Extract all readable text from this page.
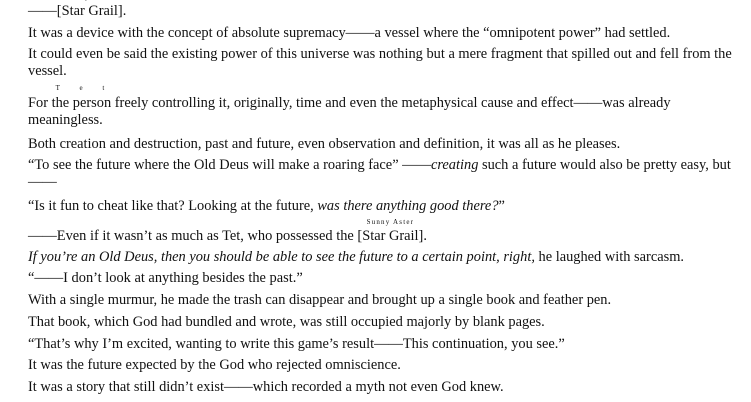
——
[Star Grail].
It was a device with the concept of absolute supremacy——a vessel where the “omnipotent power” had settled.
It could even be said the existing power of this universe was nothing but a mere fragment that spilled out and fell from the vessel.
For
T e t
the person freely controlling it, originally, time and even the metaphysical cause and effect——was already meaningless.
Both creation and destruction, past and future, even observation and definition, it was all as he pleases.
“To see the future where the Old Deus will make a roaring face” ——creating such a future would also be pretty easy, but——
“Is it fun to cheat like that? Looking at the future, was there anything good there?”
——Even if it wasn’t as much as Tet, who possessed the
Sunny Aster
[Star Grail].
If you’re an Old Deus, then you should be able to see the future to a certain point, right, he laughed with sarcasm.
“——I don’t look at anything besides the past.”
With a single murmur, he made the trash can disappear and brought up a single book and feather pen.
That book, which God had bundled and wrote, was still occupied majorly by blank pages.
“That’s why I’m excited, wanting to write this game’s result——This continuation, you see.”
It was the future expected by the God who rejected omniscience.
It was a story that still didn’t exist——which recorded a myth not even God knew.
